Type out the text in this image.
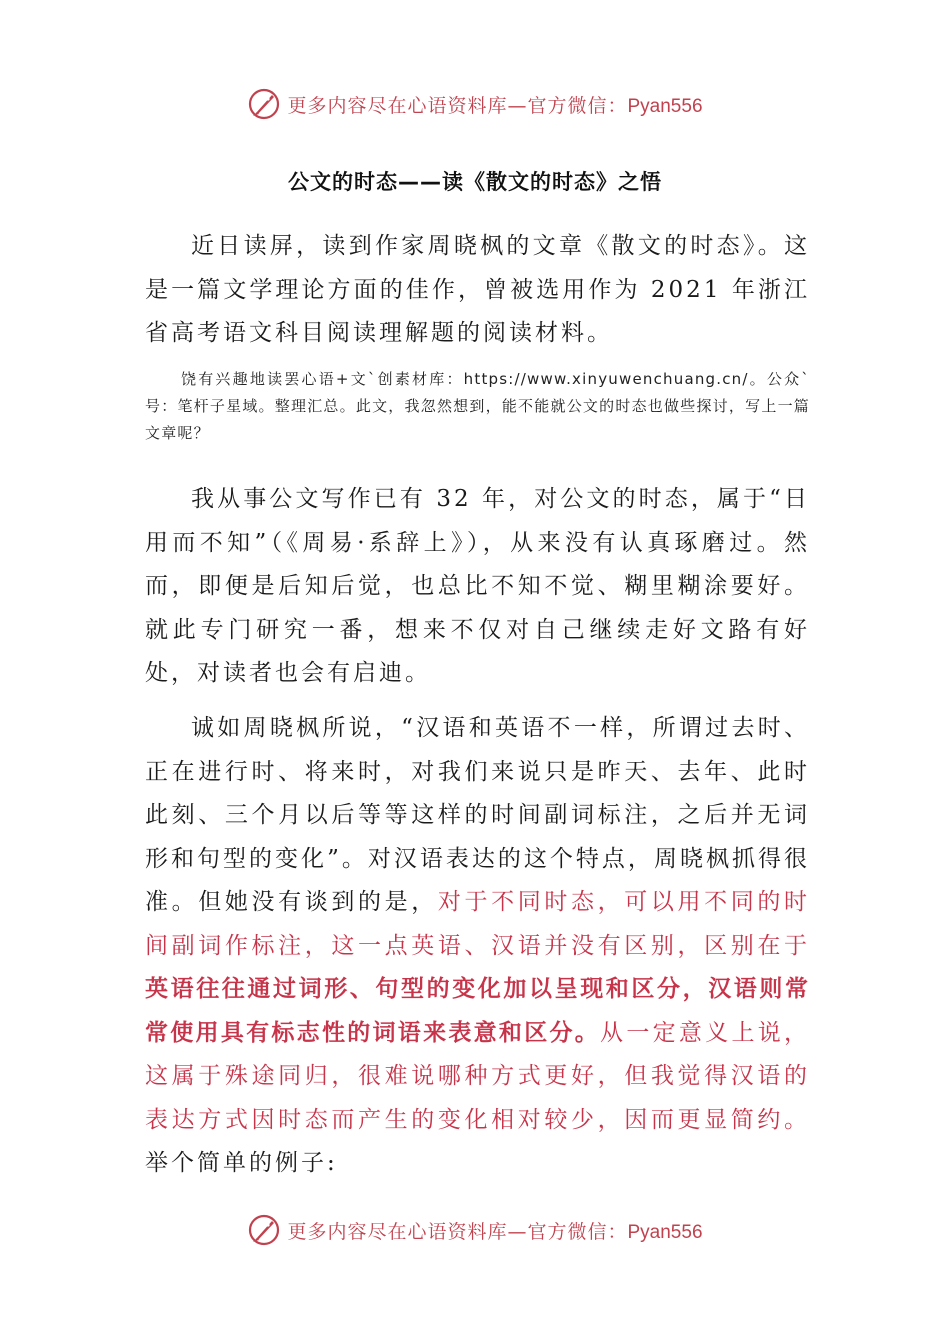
更多内容尽在心语资料库—官方微信：Pyan556
公文的时态——读《散文的时态》之悟

近日读屏，读到作家周晓枫的文章《散文的时态》。这是一篇文学理论方面的佳作，曾被选用作为 2021 年浙江省高考语文科目阅读理解题的阅读材料。

饶有兴趣地读罢心语+文`创素材库：https://www.xinyuwenchuang.cn/。公众`号：笔杆子星域。整理汇总。此文，我忽然想到，能不能就公文的时态也做些探讨，写上一篇文章呢？

我从事公文写作已有 32 年，对公文的时态，属于“日用而不知”（《周易·系辞上》），从来没有认真琢磨过。然而，即便是后知后觉，也总比不知不觉、糊里糊涂要好。就此专门研究一番，想来不仅对自己继续走好文路有好处，对读者也会有启迪。

诚如周晓枫所说，“汉语和英语不一样，所谓过去时、正在进行时、将来时，对我们来说只是昨天、去年、此时此刻、三个月以后等等这样的时间副词标注，之后并无词形和句型的变化”。对汉语表达的这个特点，周晓枫抓得很准。但她没有谈到的是，对于不同时态，可以用不同的时间副词作标注，这一点英语、汉语并没有区别，区别在于英语往往通过词形、句型的变化加以呈现和区分，汉语则常常使用具有标志性的词语来表意和区分。从一定意义上说，这属于殊途同归，很难说哪种方式更好，但我觉得汉语的表达方式因时态而产生的变化相对较少，因而更显简约。举个简单的例子:

更多内容尽在心语资料库—官方微信：Pyan556
